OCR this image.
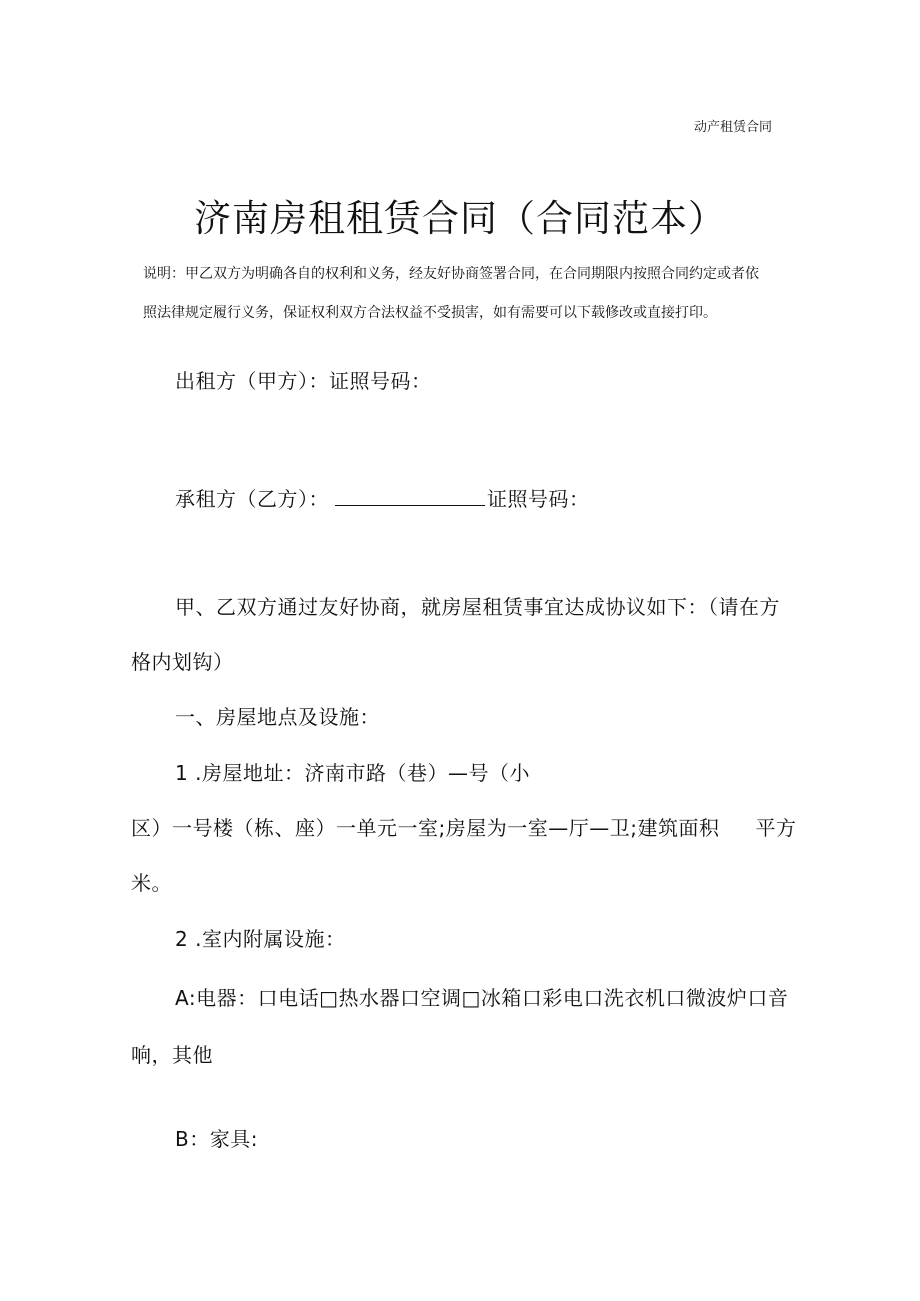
动产租赁合同
济南房租租赁合同（合同范本）
说明：甲乙双方为明确各自的权利和义务，经友好协商签署合同，在合同期限内按照合同约定或者依
照法律规定履行义务，保证权利双方合法权益不受损害，如有需要可以下载修改或直接打印。
出租方（甲方）：证照号码：
承租方（乙方）：	证照号码：
甲、乙双方通过友好协商，就房屋租赁事宜达成协议如下：（请在方
格内划钩）
一、房屋地点及设施：
1 .房屋地址：济南市路（巷）—号（小
区）一号楼（栋、座）一单元一室;房屋为一室—厅—卫;建筑面积 平方
米。
2 .室内附属设施：
A:电器：口电话□热水器口空调□冰箱口彩电口洗衣机口微波炉口音
响，其他
B：家具:
